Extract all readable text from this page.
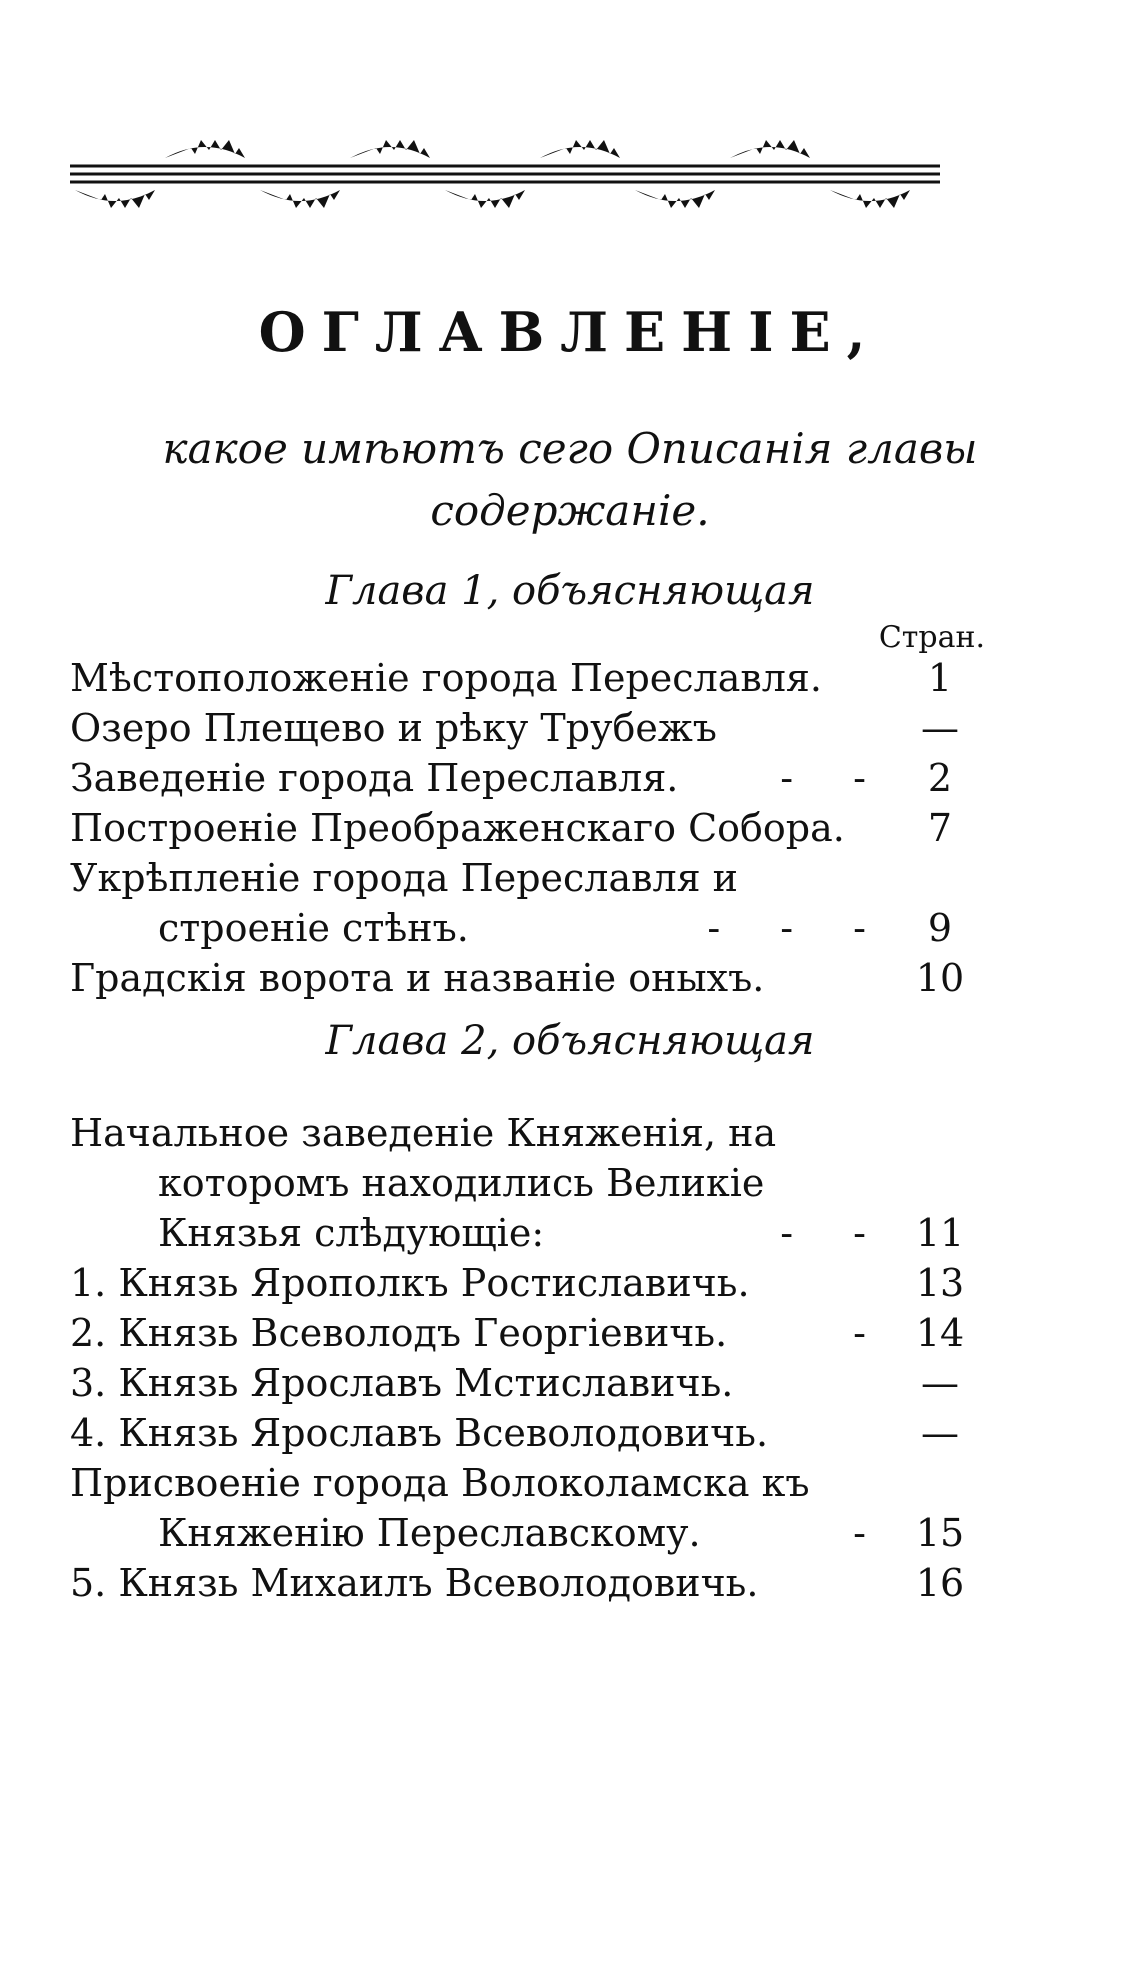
ОГЛАВЛЕНІЕ,
какое имѣютъ сего Описанія главы
содержаніе.
Глава 1, объясняющая
Стран.
Мѣстоположеніе города Переславля.	1
Озеро Плещево и рѣку Трубежъ	—
Заведеніе города Переславля.	- - 2
Построеніе Преображенскаго Собора.	7
Укрѣпленіе города Переславля и
строеніе стѣнъ.	- - - 9
Градскія ворота и названіе оныхъ.	10
Глава 2, объясняющая
Начальное заведеніе Княженія, на
которомъ находились Великіе
Князья слѣдующіе:	- - 11
1. Князь Ярополкъ Ростиславичь.	13
2. Князь Всеволодъ Георгіевичь.	- 14
3. Князь Ярославъ Мстиславичь.	—
4. Князь Ярославъ Всеволодовичь.	—
Присвоеніе города Волоколамска къ
Княженію Переславскому.	- 15
5. Князь Михаилъ Всеволодовичь.	16
